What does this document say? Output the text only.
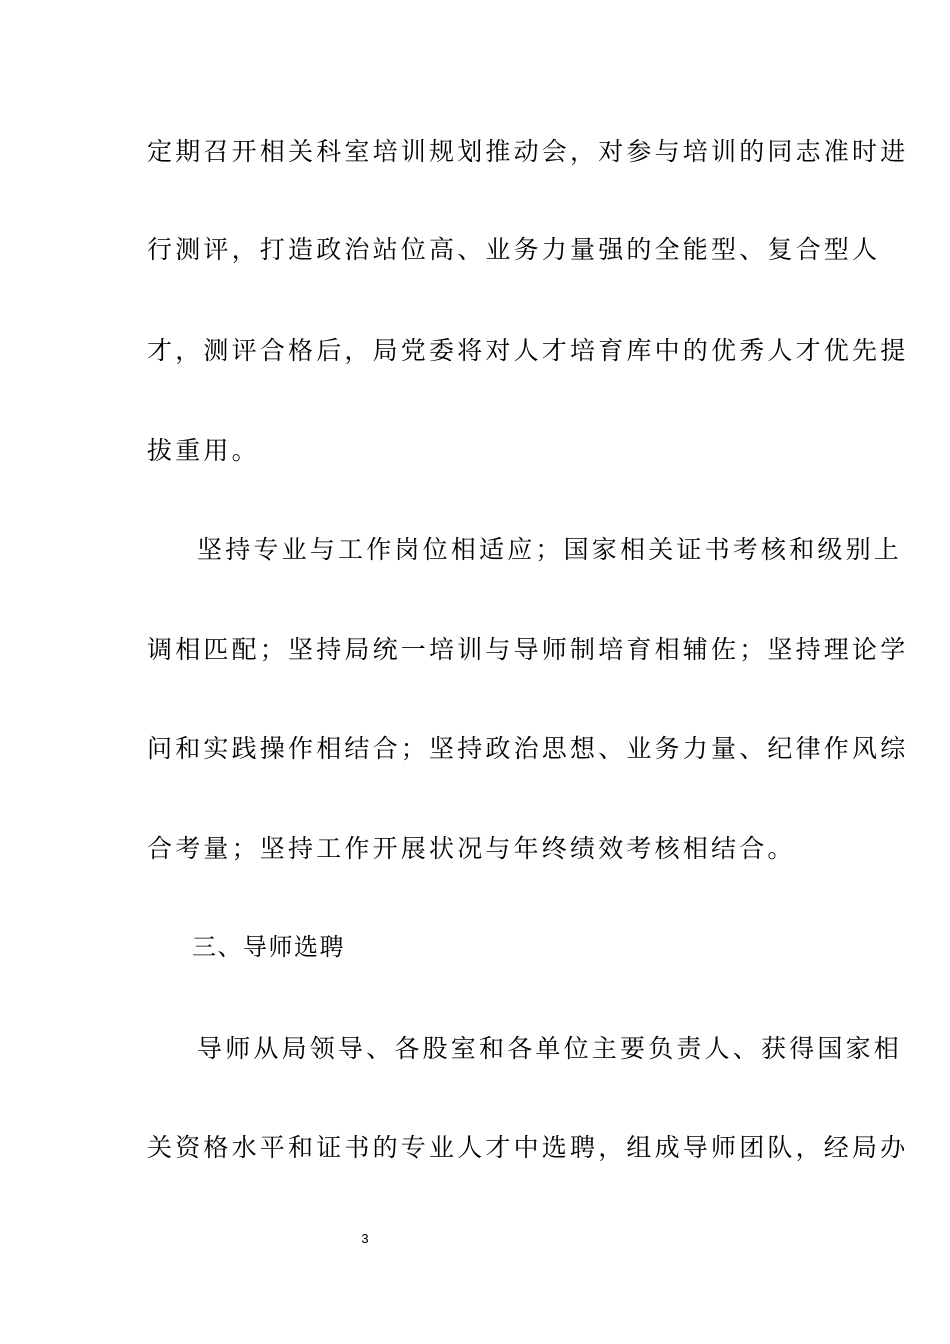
定期召开相关科室培训规划推动会，对参与培训的同志准时进
行测评，打造政治站位高、业务力量强的全能型、复合型人
才，测评合格后，局党委将对人才培育库中的优秀人才优先提
拔重用。
坚持专业与工作岗位相适应；国家相关证书考核和级别上
调相匹配；坚持局统一培训与导师制培育相辅佐；坚持理论学
问和实践操作相结合；坚持政治思想、业务力量、纪律作风综
合考量；坚持工作开展状况与年终绩效考核相结合。
三、导师选聘
导师从局领导、各股室和各单位主要负责人、获得国家相
关资格水平和证书的专业人才中选聘，组成导师团队，经局办
3
